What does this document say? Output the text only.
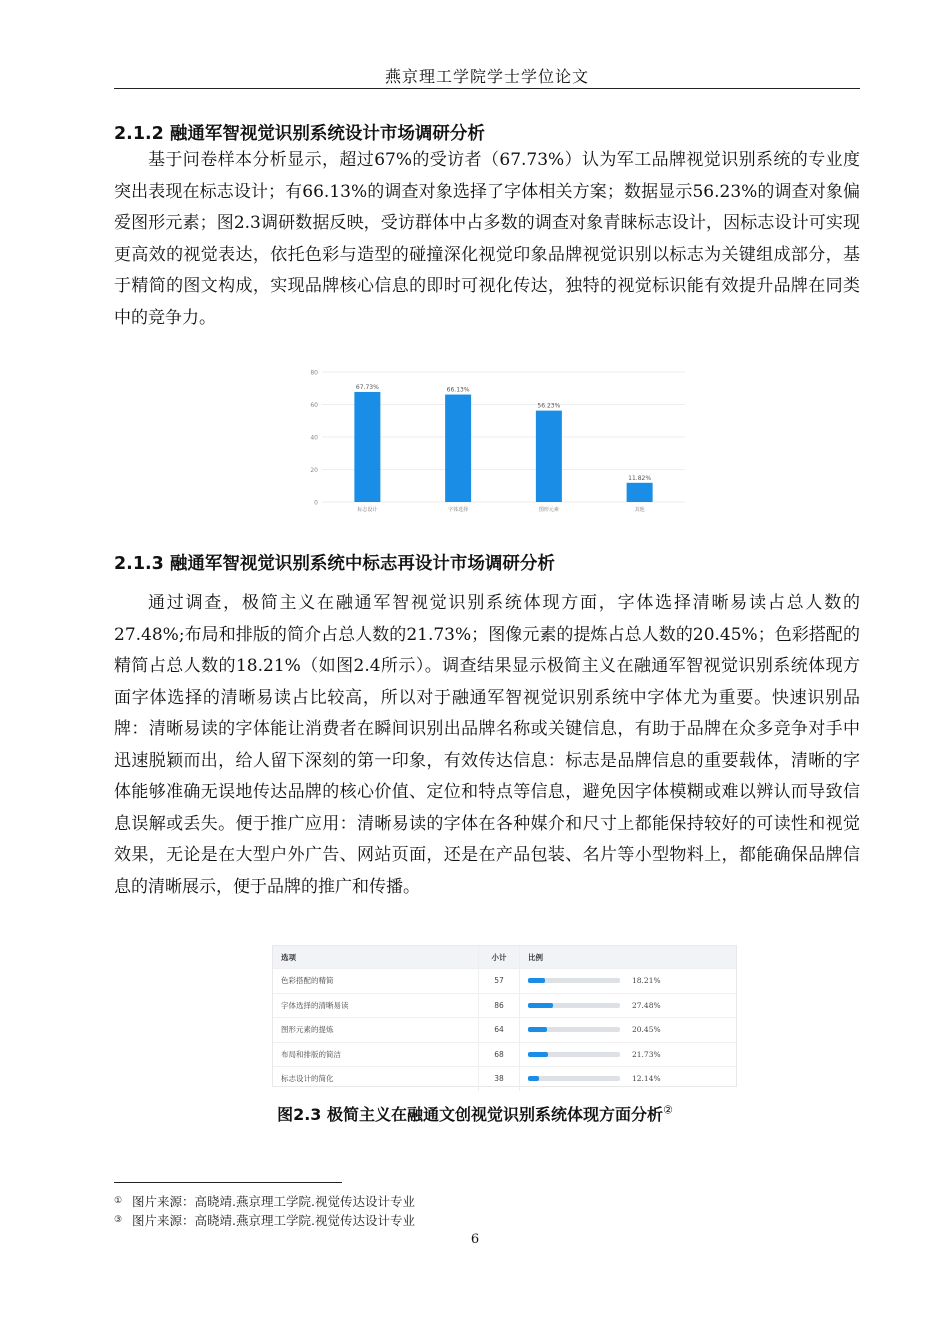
燕京理工学院学士学位论文
2.1.2 融通军智视觉识别系统设计市场调研分析

基于问卷样本分析显示，超过67%的受访者（67.73%）认为军工品牌视觉识别系统的专业度突出表现在标志设计；有66.13%的调查对象选择了字体相关方案；数据显示56.23%的调查对象偏爱图形元素；图2.3调研数据反映，受访群体中占多数的调查对象青睐标志设计，因标志设计可实现更高效的视觉表达，依托色彩与造型的碰撞深化视觉印象品牌视觉识别以标志为关键组成部分，基于精简的图文构成，实现品牌核心信息的即时可视化传达，独特的视觉标识能有效提升品牌在同类中的竞争力。

0
20
40
60
80
67.73%
标志设计
66.13%
字体选择
56.23%
图形元素
11.82%
其他
2.1.3 融通军智视觉识别系统中标志再设计市场调研分析

通过调查，极简主义在融通军智视觉识别系统体现方面，字体选择清晰易读占总人数的27.48%;布局和排版的简介占总人数的21.73%；图像元素的提炼占总人数的20.45%；色彩搭配的精简占总人数的18.21%（如图2.4所示）。调查结果显示极简主义在融通军智视觉识别系统体现方面字体选择的清晰易读占比较高，所以对于融通军智视觉识别系统中字体尤为重要。快速识别品牌：清晰易读的字体能让消费者在瞬间识别出品牌名称或关键信息，有助于品牌在众多竞争对手中迅速脱颖而出，给人留下深刻的第一印象，有效传达信息：标志是品牌信息的重要载体，清晰的字体能够准确无误地传达品牌的核心价值、定位和特点等信息，避免因字体模糊或难以辨认而导致信息误解或丢失。便于推广应用：清晰易读的字体在各种媒介和尺寸上都能保持较好的可读性和视觉效果，无论是在大型户外广告、网站页面，还是在产品包装、名片等小型物料上，都能确保品牌信息的清晰展示，便于品牌的推广和传播。

选项	小计	比例
色彩搭配的精简	57	18.21%
字体选择的清晰易读	86	27.48%
图形元素的提炼	64	20.45%
布局和排版的简洁	68	21.73%
标志设计的简化	38	12.14%
图2.3 极简主义在融通文创视觉识别系统体现方面分析②
① 图片来源：高晓靖.燕京理工学院.视觉传达设计专业
③ 图片来源：高晓靖.燕京理工学院.视觉传达设计专业
6
